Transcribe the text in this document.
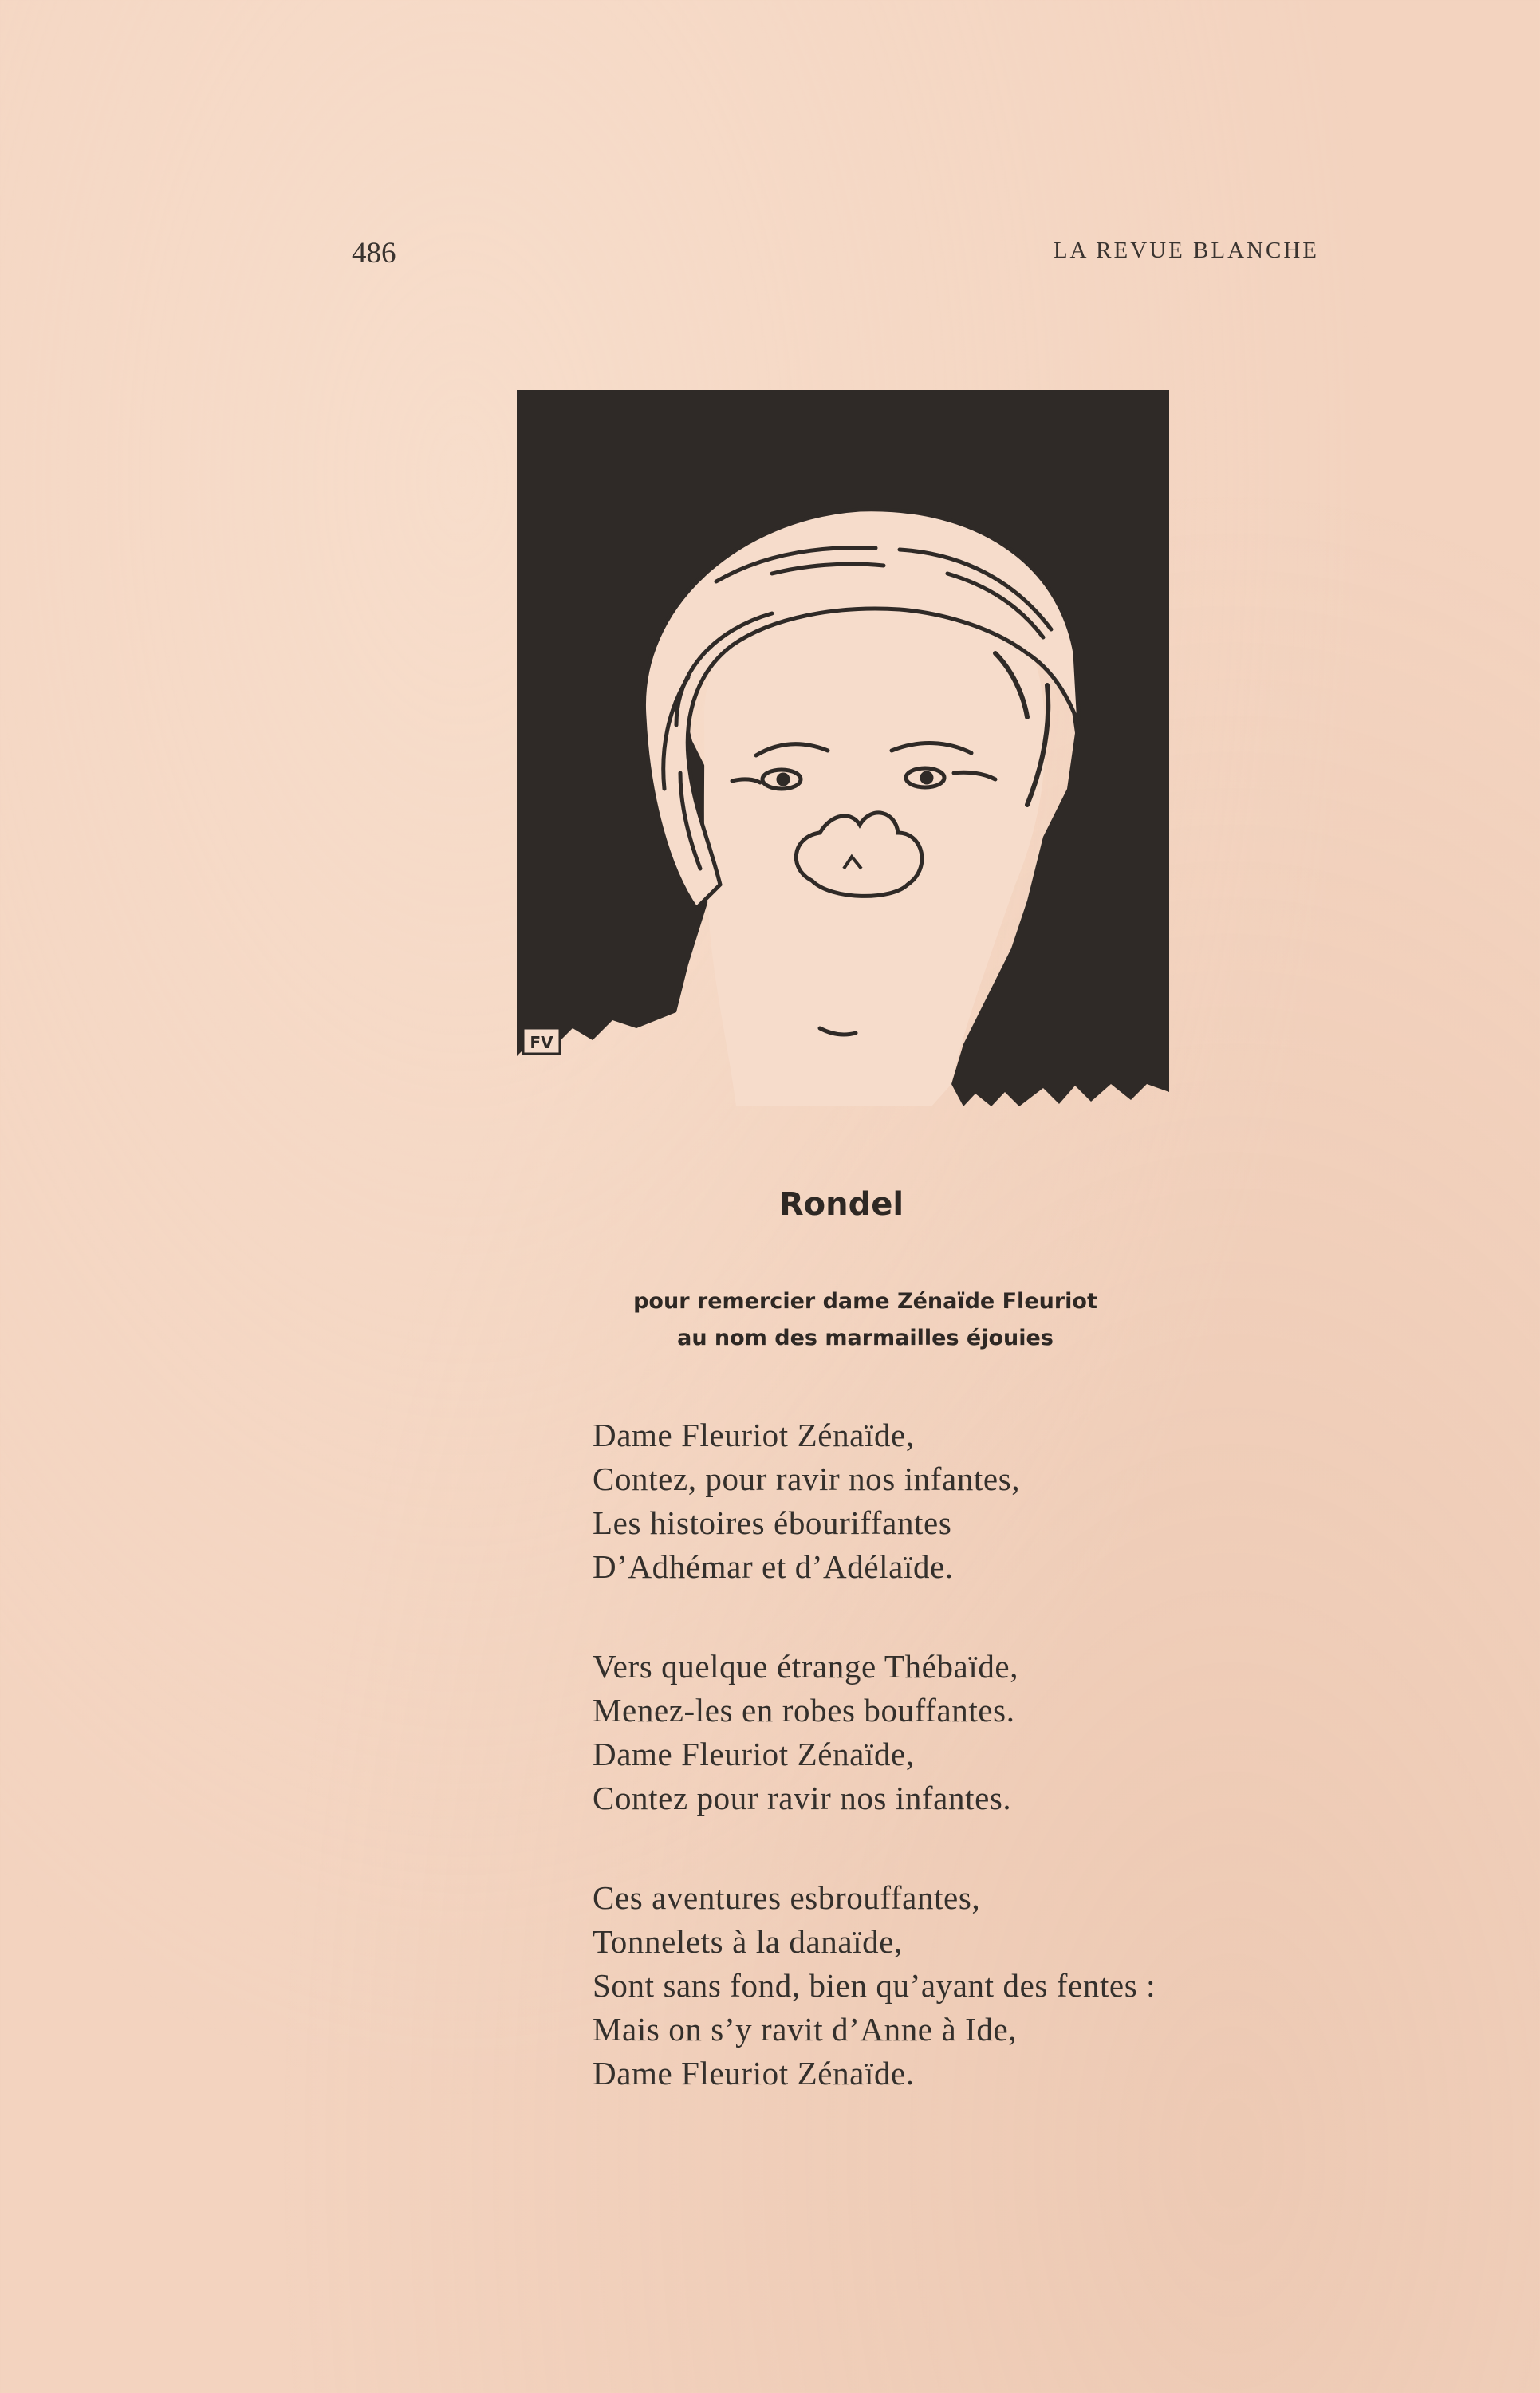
486	LA REVUE BLANCHE
FV
Rondel
pour remercier dame Zénaïde Fleuriot
au nom des marmailles éjouies
Dame Fleuriot Zénaïde,
Contez, pour ravir nos infantes,
Les histoires ébouriffantes
D’Adhémar et d’Adélaïde.
Vers quelque étrange Thébaïde,
Menez-les en robes bouffantes.
Dame Fleuriot Zénaïde,
Contez pour ravir nos infantes.
Ces aventures esbrouffantes,
Tonnelets à la danaïde,
Sont sans fond, bien qu’ayant des fentes :
Mais on s’y ravit d’Anne à Ide,
Dame Fleuriot Zénaïde.
